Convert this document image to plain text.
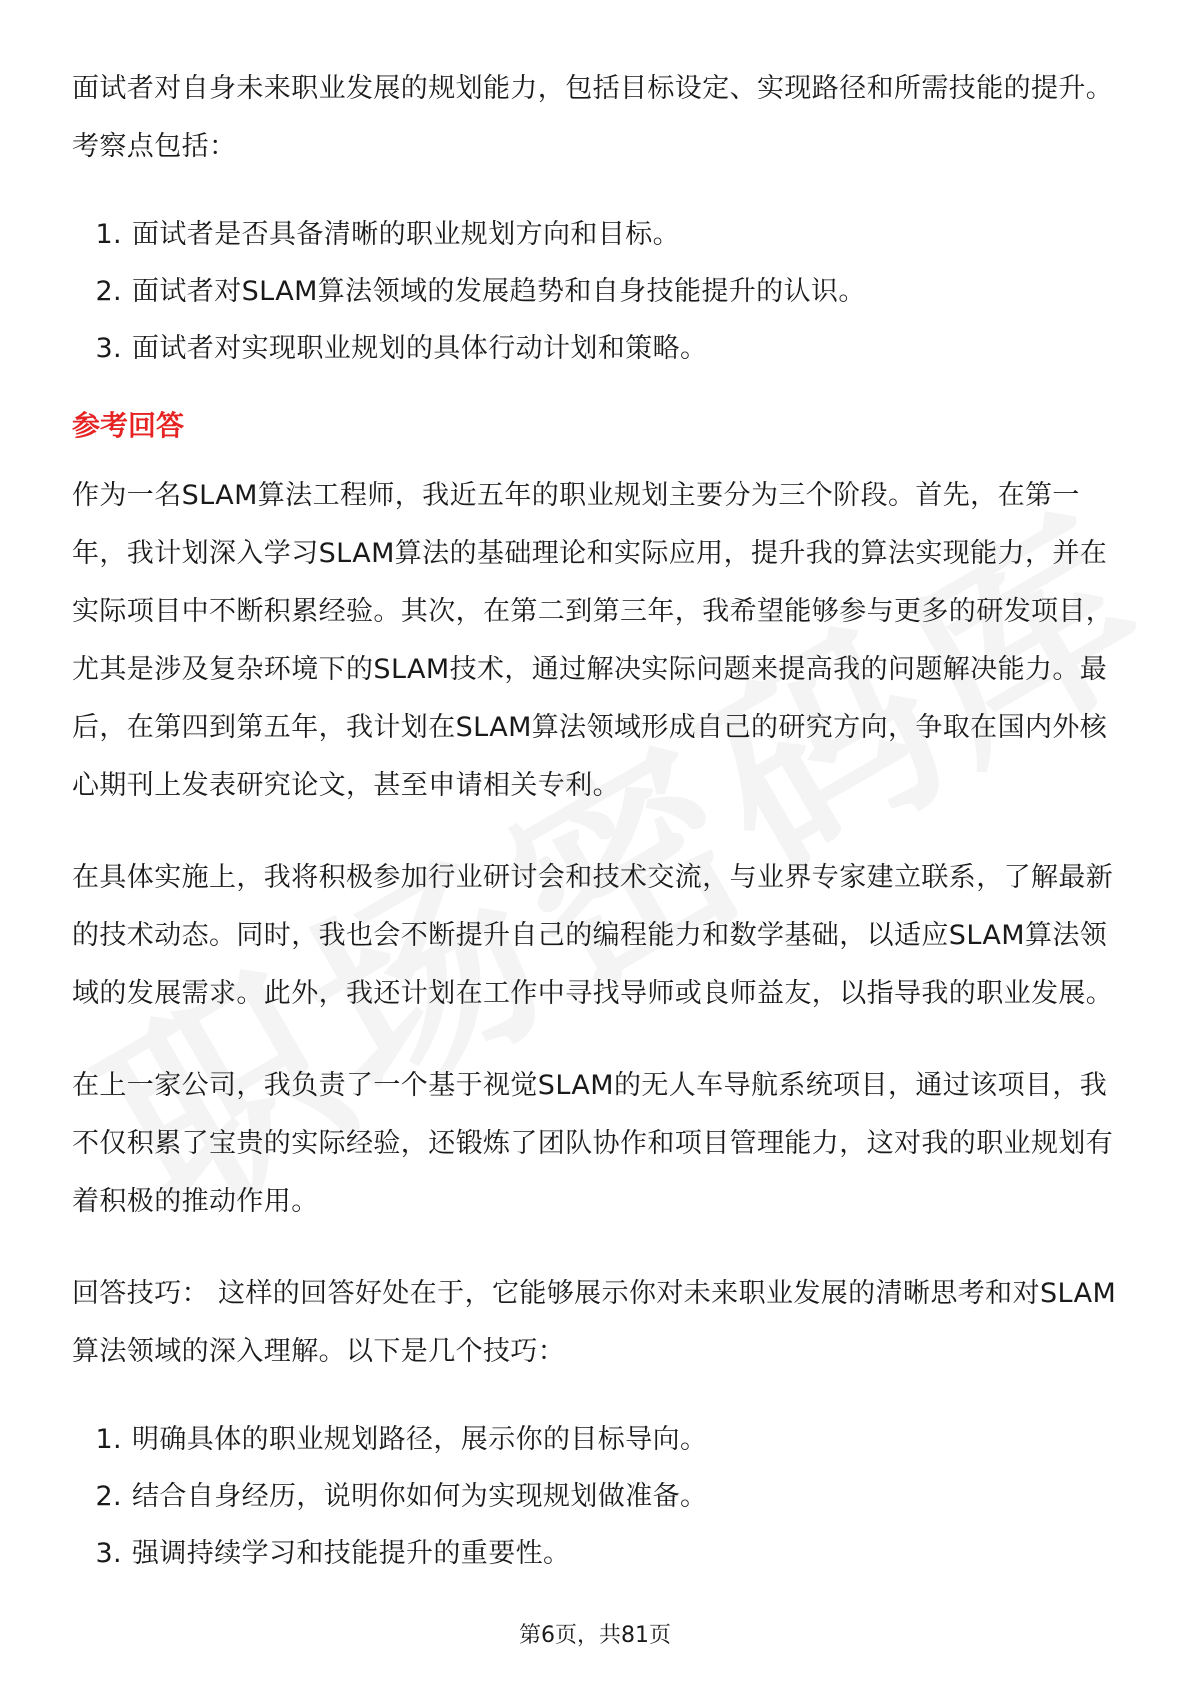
面试者对自身未来职业发展的规划能力，包括目标设定、实现路径和所需技能的提升。考察点包括：

1. 面试者是否具备清晰的职业规划方向和目标。
2. 面试者对SLAM算法领域的发展趋势和自身技能提升的认识。
3. 面试者对实现职业规划的具体行动计划和策略。
参考回答

作为一名SLAM算法工程师，我近五年的职业规划主要分为三个阶段。首先，在第一年，我计划深入学习SLAM算法的基础理论和实际应用，提升我的算法实现能力，并在实际项目中不断积累经验。其次，在第二到第三年，我希望能够参与更多的研发项目，尤其是涉及复杂环境下的SLAM技术，通过解决实际问题来提高我的问题解决能力。最后，在第四到第五年，我计划在SLAM算法领域形成自己的研究方向，争取在国内外核心期刊上发表研究论文，甚至申请相关专利。

在具体实施上，我将积极参加行业研讨会和技术交流，与业界专家建立联系，了解最新的技术动态。同时，我也会不断提升自己的编程能力和数学基础，以适应SLAM算法领域的发展需求。此外，我还计划在工作中寻找导师或良师益友，以指导我的职业发展。

在上一家公司，我负责了一个基于视觉SLAM的无人车导航系统项目，通过该项目，我不仅积累了宝贵的实际经验，还锻炼了团队协作和项目管理能力，这对我的职业规划有着积极的推动作用。

回答技巧： 这样的回答好处在于，它能够展示你对未来职业发展的清晰思考和对SLAM算法领域的深入理解。以下是几个技巧：

1. 明确具体的职业规划路径，展示你的目标导向。
2. 结合自身经历，说明你如何为实现规划做准备。
3. 强调持续学习和技能提升的重要性。
第6页，共81页
